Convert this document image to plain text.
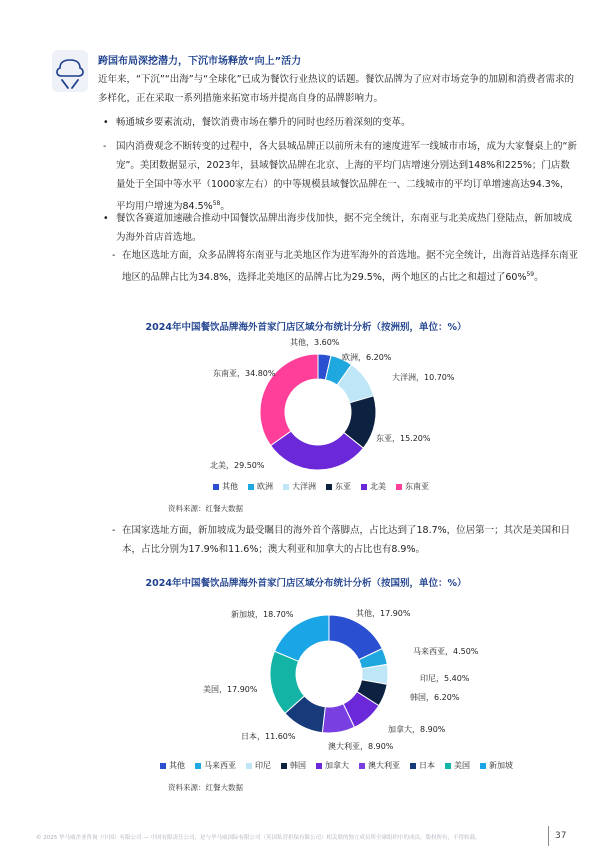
跨国布局深挖潜力，下沉市场释放“向上”活力
近年来，“下沉”“出海”与“全球化”已成为餐饮行业热议的话题。餐饮品牌为了应对市场竞争的加剧和消费者需求的多样化，正在采取一系列措施来拓宽市场并提高自身的品牌影响力。
• 畅通城乡要素流动，餐饮消费市场在攀升的同时也经历着深刻的变革。
- 国内消费观念不断转变的过程中，各大县城品牌正以前所未有的速度进军一线城市市场，成为大家餐桌上的“新宠”。美团数据显示，2023年，县域餐饮品牌在北京、上海的平均门店增速分别达到148%和225%；门店数量处于全国中等水平（1000家左右）的中等规模县域餐饮品牌在一、二线城市的平均订单增速高达94.3%，平均用户增速为84.5%$^{58}$。
• 餐饮各赛道加速融合推动中国餐饮品牌出海步伐加快，据不完全统计，东南亚与北美成热门登陆点，新加坡成为海外首店首选地。
- 在地区选址方面，众多品牌将东南亚与北美地区作为进军海外的首选地。据不完全统计，出海首站选择东南亚地区的品牌占比为34.8%，选择北美地区的品牌占比为29.5%，两个地区的占比之和超过了60%$^{59}$。
2024年中国餐饮品牌海外首家门店区域分布统计分析（按洲别，单位：%）
其他 欧洲 大洋洲 东亚 北美 东南亚
资料来源：红餐大数据
- 在国家选址方面，新加坡成为最受瞩目的海外首个落脚点，占比达到了18.7%，位居第一；其次是美国和日本，占比分别为17.9%和11.6%；澳大利亚和加拿大的占比也有8.9%。
2024年中国餐饮品牌海外首家门店区域分布统计分析（按国别，单位：%）
其他 马来西亚 印尼 韩国 加拿大 澳大利亚 日本 美国 新加坡
资料来源：红餐大数据
© 2025 毕马威企业咨询（中国）有限公司 — 中国有限责任公司，是与毕马威国际有限公司（英国私营担保有限公司）相关联的独立成员所全球组织中的成员。版权所有，不得转载。	37
其他，3.60%
欧洲，6.20%
大洋洲，10.70%
东亚，15.20%
北美，29.50%
东南亚，34.80%
其他，17.90%
马来西亚，4.50%
印尼，5.40%
韩国，6.20%
加拿大，8.90%
澳大利亚，8.90%
日本，11.60%
美国，17.90%
新加坡，18.70%
